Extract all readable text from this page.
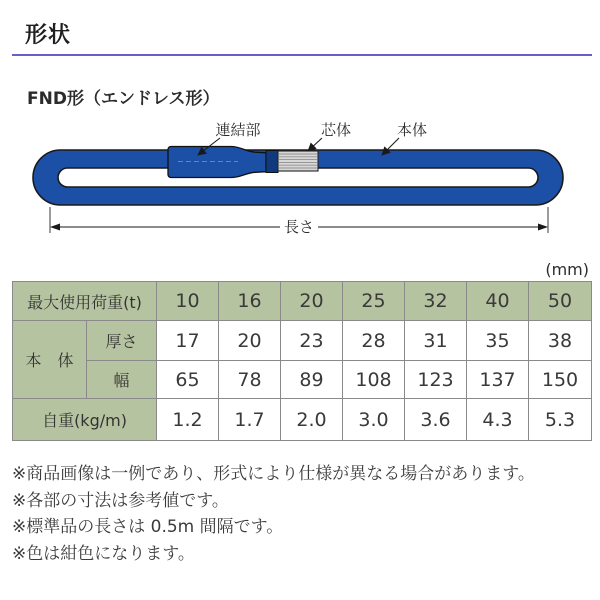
形状
FND形（エンドレス形）
連結部	芯体	本体
長さ
(mm)
最大使用荷重(t)		10	16	20	25	32	40	50
本　体	厚さ	17	20	23	28	31	35	38
	幅	65	78	89	108	123	137	150
自重(kg/m)		1.2	1.7	2.0	3.0	3.6	4.3	5.3

※商品画像は一例であり、形式により仕様が異なる場合があります。

※各部の寸法は参考値です。

※標準品の長さは 0.5m 間隔です。

※色は紺色になります。
